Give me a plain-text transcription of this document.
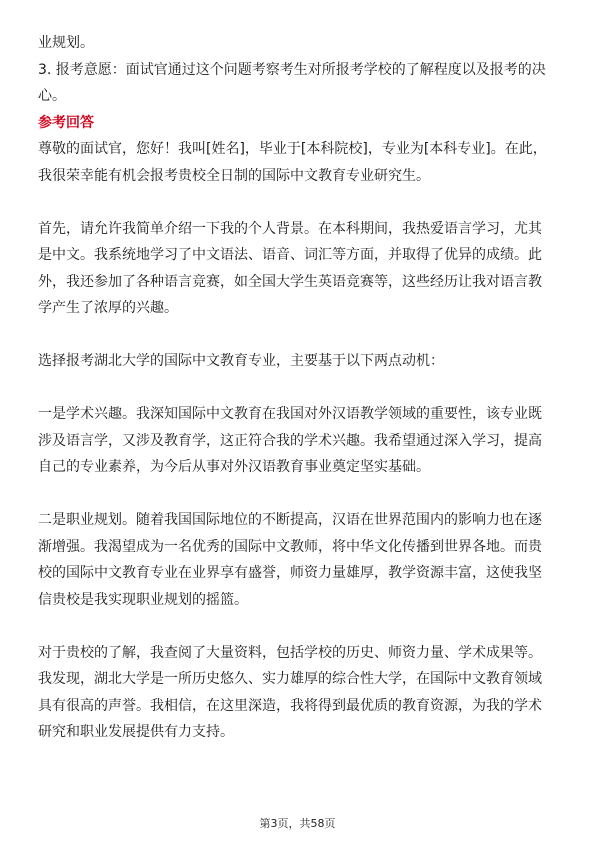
业规划。
3. 报考意愿：面试官通过这个问题考察考生对所报考学校的了解程度以及报考的决
心。
参考回答
尊敬的面试官，您好！我叫[姓名]，毕业于[本科院校]，专业为[本科专业]。在此，
我很荣幸能有机会报考贵校全日制的国际中文教育专业研究生。
首先，请允许我简单介绍一下我的个人背景。在本科期间，我热爱语言学习，尤其
是中文。我系统地学习了中文语法、语音、词汇等方面，并取得了优异的成绩。此
外，我还参加了各种语言竞赛，如全国大学生英语竞赛等，这些经历让我对语言教
学产生了浓厚的兴趣。
选择报考湖北大学的国际中文教育专业，主要基于以下两点动机：
一是学术兴趣。我深知国际中文教育在我国对外汉语教学领域的重要性，该专业既
涉及语言学，又涉及教育学，这正符合我的学术兴趣。我希望通过深入学习，提高
自己的专业素养，为今后从事对外汉语教育事业奠定坚实基础。
二是职业规划。随着我国国际地位的不断提高，汉语在世界范围内的影响力也在逐
渐增强。我渴望成为一名优秀的国际中文教师，将中华文化传播到世界各地。而贵
校的国际中文教育专业在业界享有盛誉，师资力量雄厚，教学资源丰富，这使我坚
信贵校是我实现职业规划的摇篮。
对于贵校的了解，我查阅了大量资料，包括学校的历史、师资力量、学术成果等。
我发现，湖北大学是一所历史悠久、实力雄厚的综合性大学，在国际中文教育领域
具有很高的声誉。我相信，在这里深造，我将得到最优质的教育资源，为我的学术
研究和职业发展提供有力支持。
第3页，共58页
